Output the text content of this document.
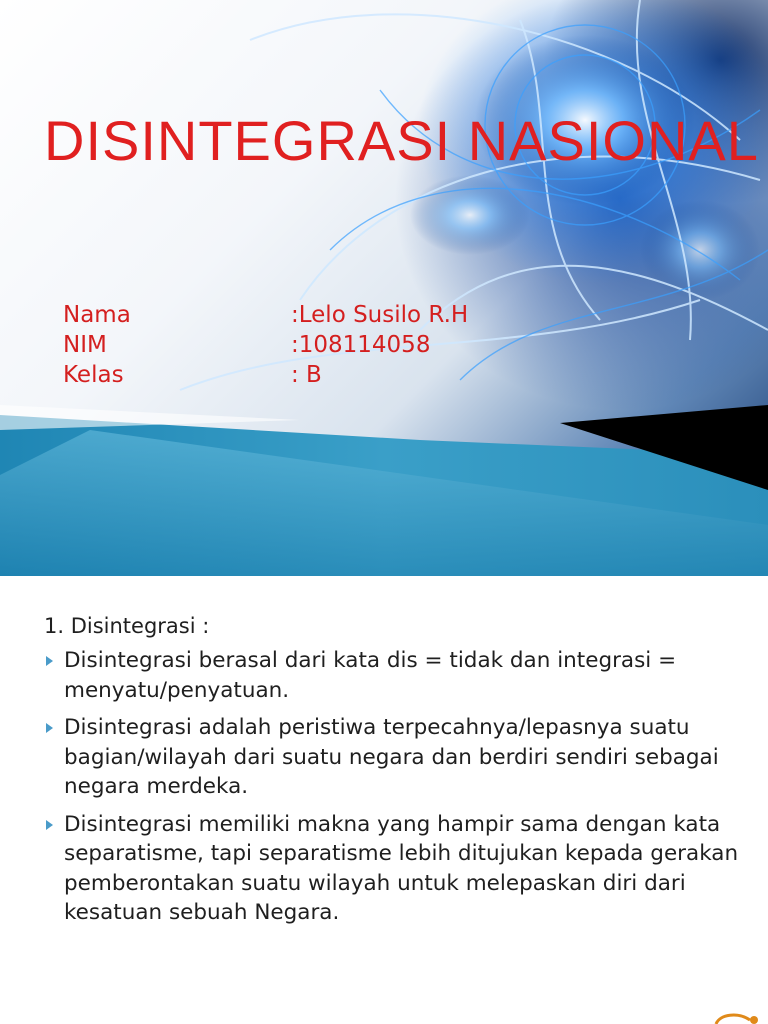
DISINTEGRASI NASIONAL
Nama	:Lelo Susilo R.H
NIM	:108114058
Kelas	: B
1. Disintegrasi :
Disintegrasi berasal dari kata dis = tidak dan integrasi = menyatu/penyatuan.
Disintegrasi adalah peristiwa terpecahnya/lepasnya suatu bagian/wilayah dari suatu negara dan berdiri sendiri sebagai negara merdeka.
Disintegrasi memiliki makna yang hampir sama dengan kata separatisme, tapi separatisme lebih ditujukan kepada gerakan pemberontakan suatu wilayah untuk melepaskan diri dari kesatuan sebuah Negara.
